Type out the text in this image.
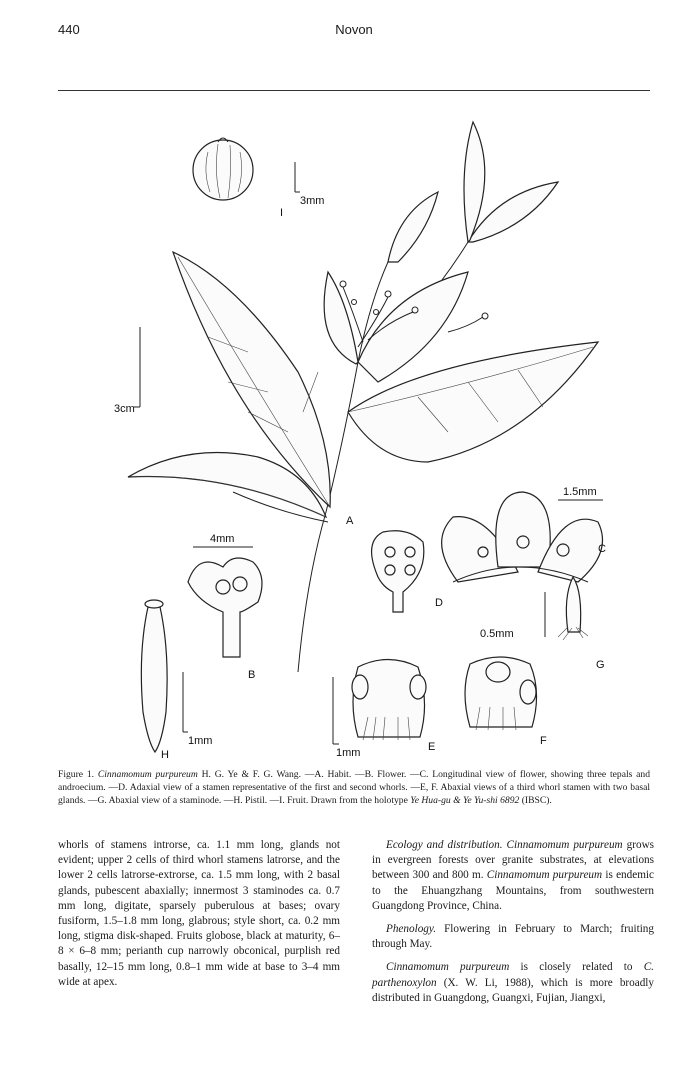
440	Novon
3mm
I
3cm
A
4mm
B
1.5mm
C
D
0.5mm
G
1mm
H	1mm	E	F
Figure 1. Cinnamomum purpureum H. G. Ye & F. G. Wang. —A. Habit. —B. Flower. —C. Longitudinal view of flower, showing three tepals and androecium. —D. Adaxial view of a stamen representative of the first and second whorls. —E, F. Abaxial views of a third whorl stamen with two basal glands. —G. Abaxial view of a staminode. —H. Pistil. —I. Fruit. Drawn from the holotype Ye Hua-gu & Ye Yu-shi 6892 (IBSC).

whorls of stamens introrse, ca. 1.1 mm long, glands not evident; upper 2 cells of third whorl stamens latrorse, and the lower 2 cells latrorse-extrorse, ca. 1.5 mm long, with 2 basal glands, pubescent abaxially; innermost 3 staminodes ca. 0.7 mm long, digitate, sparsely puberulous at bases; ovary fusiform, 1.5–1.8 mm long, glabrous; style short, ca. 0.2 mm long, stigma disk-shaped. Fruits globose, black at maturity, 6–8 × 6–8 mm; perianth cup narrowly obconical, purplish red basally, 12–15 mm long, 0.8–1 mm wide at base to 3–4 mm wide at apex.

Ecology and distribution. Cinnamomum purpureum grows in evergreen forests over granite substrates, at elevations between 300 and 800 m. Cinnamomum purpureum is endemic to the Ehuangzhang Mountains, from southwestern Guangdong Province, China.

Phenology. Flowering in February to March; fruiting through May.

Cinnamomum purpureum is closely related to C. parthenoxylon (X. W. Li, 1988), which is more broadly distributed in Guangdong, Guangxi, Fujian, Jiangxi,
